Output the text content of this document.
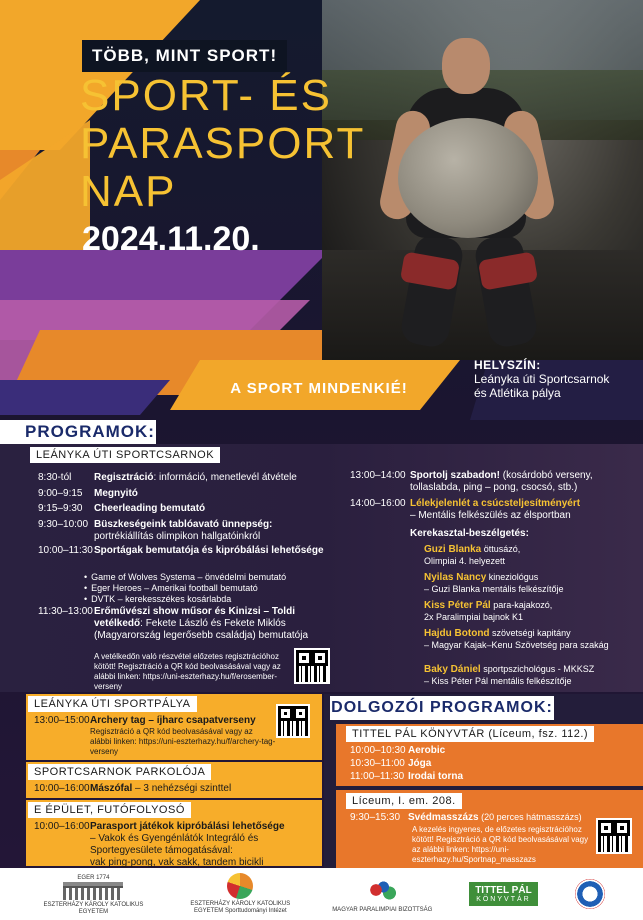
TÖBB, MINT SPORT!
SPORT- ÉS
PARASPORT
NAP
2024.11.20.
A SPORT MINDENKIÉ!
HELYSZÍN:
Leányka úti Sportcsarnok
és Atlétika pálya
PROGRAMOK:
LEÁNYKA ÚTI SPORTCSARNOK
8:30-tól Regisztráció: információ, menetlevél átvétele
9:00–9:15 Megnyitó
9:15–9:30 Cheerleading bemutató
9:30–10:00 Büszkeségeink tablóavató ünnepség:
portrékiállítás olimpikon hallgatóinkról
10:00–11:30 Sportágak bemutatója és kipróbálási lehetősége
• Game of Wolves Systema – önvédelmi bemutató
• Eger Heroes – Amerikai football bemutató
• DVTK – kerekesszékes kosárlabda
11:30–13:00 Erőművészi show műsor és Kinizsi – Toldi vetélkedő: Fekete László és Fekete Miklós (Magyarország legerősebb családja) bemutatója
A vetélkedőn való részvétel előzetes regisztrációhoz kötött! Regisztráció a QR kód beolvasásával vagy az alábbi linken: https://uni-eszterhazy.hu/f/erosember-verseny
13:00–14:00 Sportolj szabadon! (kosárdobó verseny, tollaslabda, ping – pong, csocsó, stb.)
14:00–16:00 Lélekjelenlét a csúcsteljesítményért
– Mentális felkészülés az élsportban
Kerekasztal-beszélgetés:
Guzi Blanka öttusázó,
Olimpiai 4. helyezett
Nyilas Nancy kineziológus
– Guzi Blanka mentális felkészítője
Kiss Péter Pál para-kajakozó,
2x Paralimpiai bajnok K1
Hajdu Botond szövetségi kapitány
– Magyar Kajak–Kenu Szövetség para szakág
Baky Dániel sportpszichológus - MKKSZ
– Kiss Péter Pál mentális felkészítője
LEÁNYKA ÚTI SPORTPÁLYA
13:00–15:00 Archery tag – íjharc csapatverseny
Regisztráció a QR kód beolvasásával vagy az alábbi linken: https://uni-eszterhazy.hu/f/archery-tag-verseny
SPORTCSARNOK PARKOLÓJA
10:00–16:00 Mászófal – 3 nehézségi szinttel
E ÉPÜLET, FUTÓFOLYOSÓ
10:00–16:00 Parasport játékok kipróbálási lehetősége
– Vakok és Gyengénlátók Integráló és
Sportegyesülete támogatásával:
vak ping-pong, vak sakk, tandem bicikli
DOLGOZÓI PROGRAMOK:
TITTEL PÁL KÖNYVTÁR (Líceum, fsz. 112.)
10:00–10:30 Aerobic
10:30–11:00 Jóga
11:00–11:30 Irodai torna
Líceum, I. em. 208.
9:30–15:30 Svédmasszázs (20 perces hátmasszázs)
A kezelés ingyenes, de előzetes regisztrációhoz kötött! Regisztráció a QR kód beolvasásával vagy az alábbi linken: https://uni-eszterhazy.hu/Sportnap_masszazs
EGER 1774
ESZTERHÁZY KÁROLY KATOLIKUS EGYETEM
ESZTERHÁZY KÁROLY KATOLIKUS EGYETEM Sporttudományi Intézet	MAGYAR PARALIMPIAI BIZOTTSÁG
TITTEL PÁL
KÖNYVTÁR
